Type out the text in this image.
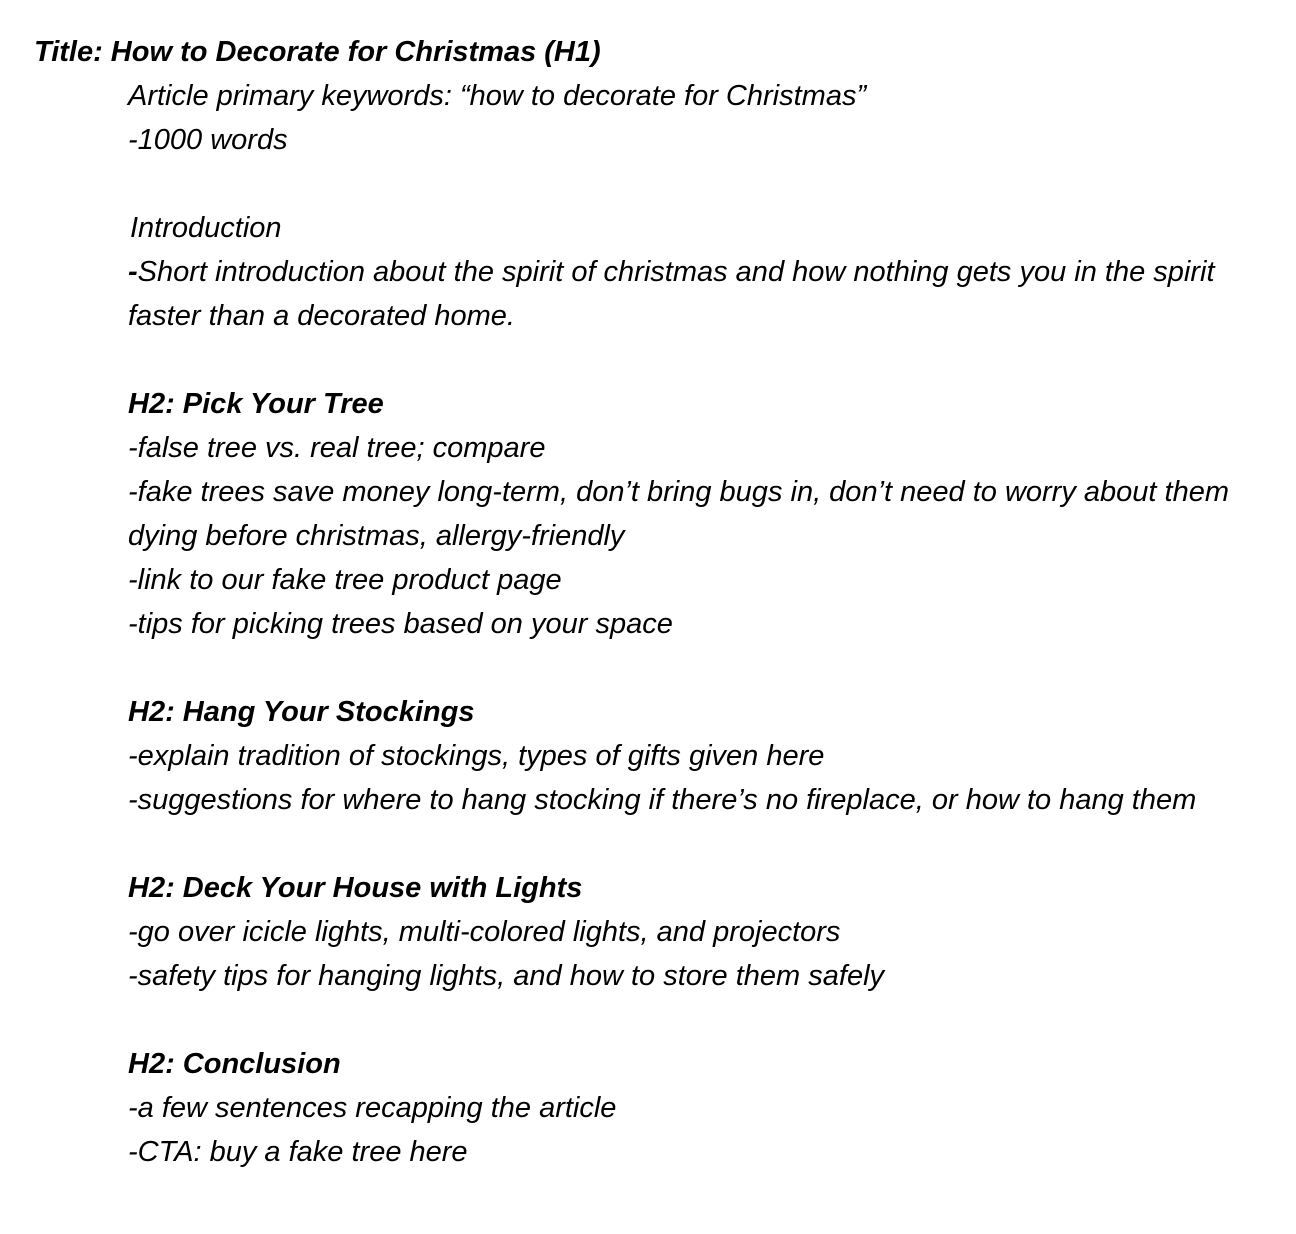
Title: How to Decorate for Christmas (H1)

Article primary keywords: “how to decorate for Christmas”

-1000 words

Introduction

-Short introduction about the spirit of christmas and how nothing gets you in the spirit faster than a decorated home.

H2: Pick Your Tree

-false tree vs. real tree; compare

-fake trees save money long-term, don’t bring bugs in, don’t need to worry about them dying before christmas, allergy-friendly

-link to our fake tree product page

-tips for picking trees based on your space

H2: Hang Your Stockings

-explain tradition of stockings, types of gifts given here

-suggestions for where to hang stocking if there’s no fireplace, or how to hang them

H2: Deck Your House with Lights

-go over icicle lights, multi-colored lights, and projectors

-safety tips for hanging lights, and how to store them safely

H2: Conclusion

-a few sentences recapping the article

-CTA: buy a fake tree here
